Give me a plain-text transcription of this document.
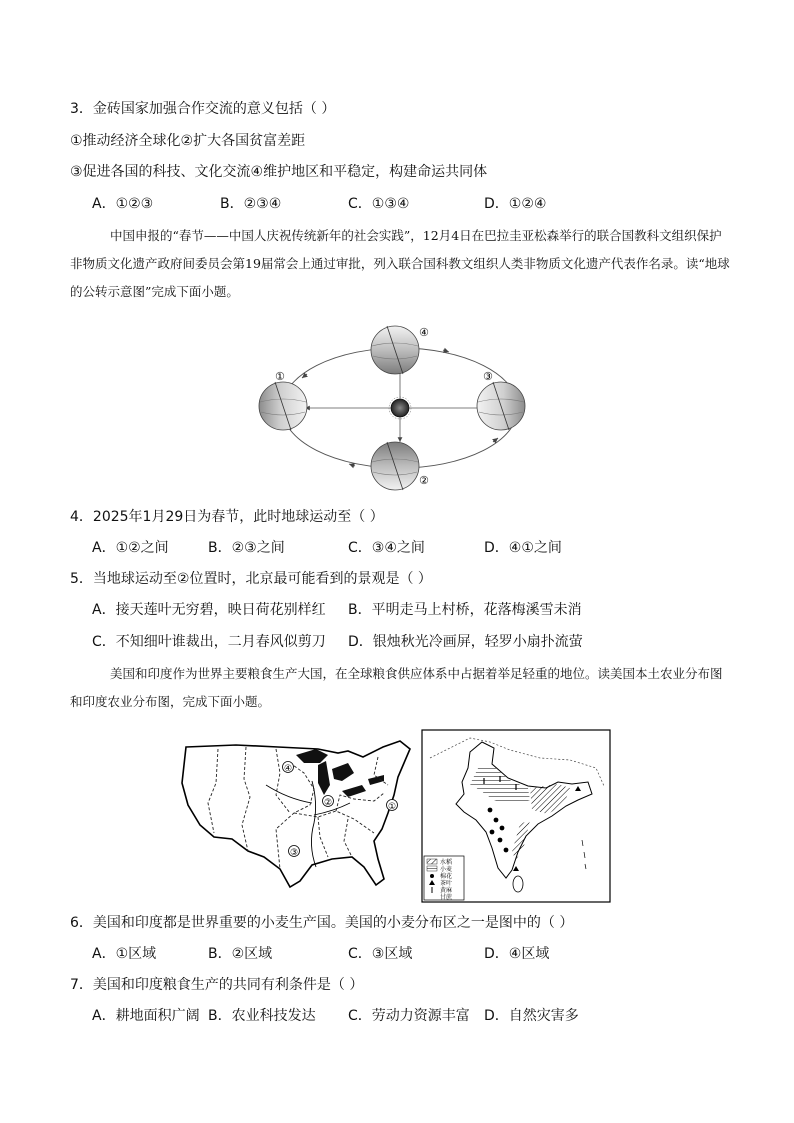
3．金砖国家加强合作交流的意义包括（ ）
①推动经济全球化②扩大各国贫富差距
③促进各国的科技、文化交流④维护地区和平稳定，构建命运共同体
A．①②③	B．②③④	C．①③④	D．①②④

中国申报的“春节——中国人庆祝传统新年的社会实践”，12月4日在巴拉圭亚松森举行的联合国教科文组织保护非物质文化遗产政府间委员会第19届常会上通过审批，列入联合国科教文组织人类非物质文化遗产代表作名录。读“地球的公转示意图”完成下面小题。

④
②
①	③
4．2025年1月29日为春节，此时地球运动至（ ）
A．①②之间	B．②③之间	C．③④之间	D．④①之间
5．当地球运动至②位置时，北京最可能看到的景观是（ ）
A．接天莲叶无穷碧，映日荷花别样红 B．平明走马上村桥，花落梅溪雪未消
C．不知细叶谁裁出，二月春风似剪刀 D．银烛秋光冷画屏，轻罗小扇扑流萤

美国和印度作为世界主要粮食生产大国，在全球粮食供应体系中占据着举足轻重的地位。读美国本土农业分布图和印度农业分布图，完成下面小题。

①
②
③
④
水稻
小麦
棉花
茶叶
黄麻
甘蔗
6．美国和印度都是世界重要的小麦生产国。美国的小麦分布区之一是图中的（ ）
A．①区域	B．②区域	C．③区域	D．④区域
7．美国和印度粮食生产的共同有利条件是（ ）
A．耕地面积广阔 B．农业科技发达 C．劳动力资源丰富 D．自然灾害多
